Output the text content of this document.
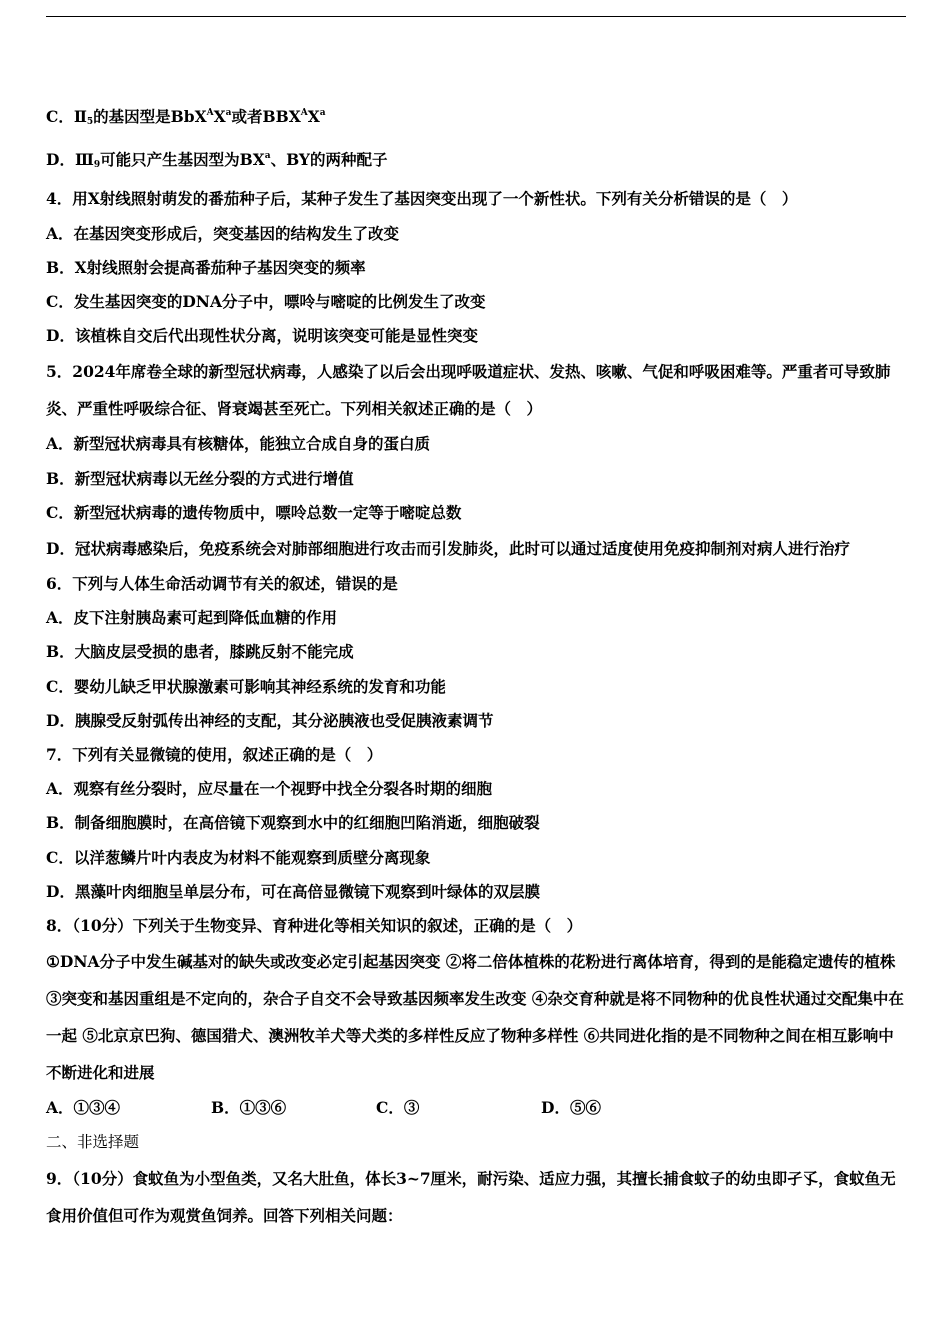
C．$Ⅱ_5$的基因型是$BbX^AX^a$或者$BBX^AX^a$
D．$Ⅲ_9$可能只产生基因型为$BX^a$、BY的两种配子
4．用X射线照射萌发的番茄种子后，某种子发生了基因突变出现了一个新性状。下列有关分析错误的是（　）
A．在基因突变形成后，突变基因的结构发生了改变
B．X射线照射会提高番茄种子基因突变的频率
C．发生基因突变的DNA分子中，嘌呤与嘧啶的比例发生了改变
D．该植株自交后代出现性状分离，说明该突变可能是显性突变
5．2024年席卷全球的新型冠状病毒，人感染了以后会出现呼吸道症状、发热、咳嗽、气促和呼吸困难等。严重者可导致肺炎、严重性呼吸综合征、肾衰竭甚至死亡。下列相关叙述正确的是（　）
A．新型冠状病毒具有核糖体，能独立合成自身的蛋白质
B．新型冠状病毒以无丝分裂的方式进行增值
C．新型冠状病毒的遗传物质中，嘌呤总数一定等于嘧啶总数
D．冠状病毒感染后，免疫系统会对肺部细胞进行攻击而引发肺炎，此时可以通过适度使用免疫抑制剂对病人进行治疗
6．下列与人体生命活动调节有关的叙述，错误的是
A．皮下注射胰岛素可起到降低血糖的作用
B．大脑皮层受损的患者，膝跳反射不能完成
C．婴幼儿缺乏甲状腺激素可影响其神经系统的发育和功能
D．胰腺受反射弧传出神经的支配，其分泌胰液也受促胰液素调节
7．下列有关显微镜的使用，叙述正确的是（　）
A．观察有丝分裂时，应尽量在一个视野中找全分裂各时期的细胞
B．制备细胞膜时，在高倍镜下观察到水中的红细胞凹陷消逝，细胞破裂
C．以洋葱鳞片叶内表皮为材料不能观察到质壁分离现象
D．黑藻叶肉细胞呈单层分布，可在高倍显微镜下观察到叶绿体的双层膜
8．（10分）下列关于生物变异、育种进化等相关知识的叙述，正确的是（　）
①DNA分子中发生碱基对的缺失或改变必定引起基因突变 ②将二倍体植株的花粉进行离体培育，得到的是能稳定遗传的植株 ③突变和基因重组是不定向的，杂合子自交不会导致基因频率发生改变 ④杂交育种就是将不同物种的优良性状通过交配集中在一起 ⑤北京京巴狗、德国猎犬、澳洲牧羊犬等犬类的多样性反应了物种多样性 ⑥共同进化指的是不同物种之间在相互影响中不断进化和进展
A．①③④	B．①③⑥	C．③	D．⑤⑥
二、非选择题
9．（10分）食蚊鱼为小型鱼类，又名大肚鱼，体长3~7厘米，耐污染、适应力强，其擅长捕食蚊子的幼虫即孑孓，食蚊鱼无食用价值但可作为观赏鱼饲养。回答下列相关问题：
